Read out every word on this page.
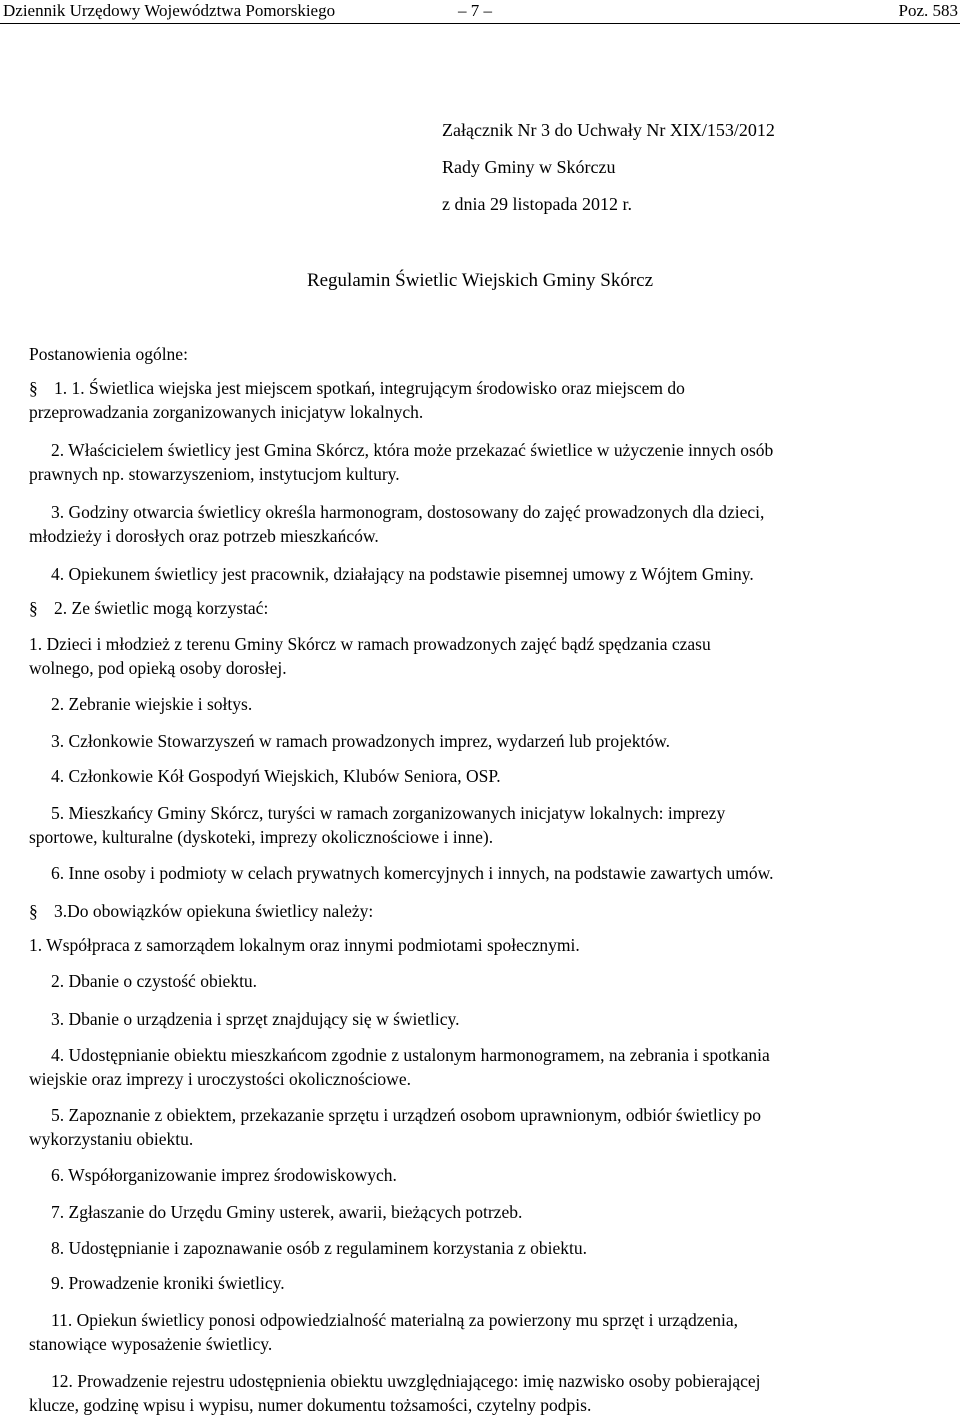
Dziennik Urzędowy Województwa Pomorskiego	– 7 –	Poz. 583
Załącznik Nr 3 do Uchwały Nr XIX/153/2012
Rady Gminy w Skórczu
z dnia 29 listopada 2012 r.
Regulamin Świetlic Wiejskich Gminy Skórcz
Postanowienia ogólne:
§ 1. 1. Świetlica wiejska jest miejscem spotkań, integrującym środowisko oraz miejscem do
przeprowadzania zorganizowanych inicjatyw lokalnych.
2. Właścicielem świetlicy jest Gmina Skórcz, która może przekazać świetlice w użyczenie innych osób
prawnych np. stowarzyszeniom, instytucjom kultury.
3. Godziny otwarcia świetlicy określa harmonogram, dostosowany do zajęć prowadzonych dla dzieci,
młodzieży i dorosłych oraz potrzeb mieszkańców.
4. Opiekunem świetlicy jest pracownik, działający na podstawie pisemnej umowy z Wójtem Gminy.
§ 2. Ze świetlic mogą korzystać:
1. Dzieci i młodzież z terenu Gminy Skórcz w ramach prowadzonych zajęć bądź spędzania czasu
wolnego, pod opieką osoby dorosłej.
2. Zebranie wiejskie i sołtys.
3. Członkowie Stowarzyszeń w ramach prowadzonych imprez, wydarzeń lub projektów.
4. Członkowie Kół Gospodyń Wiejskich, Klubów Seniora, OSP.
5. Mieszkańcy Gminy Skórcz, turyści w ramach zorganizowanych inicjatyw lokalnych: imprezy
sportowe, kulturalne (dyskoteki, imprezy okolicznościowe i inne).
6. Inne osoby i podmioty w celach prywatnych komercyjnych i innych, na podstawie zawartych umów.
§ 3.Do obowiązków opiekuna świetlicy należy:
1. Współpraca z samorządem lokalnym oraz innymi podmiotami społecznymi.
2. Dbanie o czystość obiektu.
3. Dbanie o urządzenia i sprzęt znajdujący się w świetlicy.
4. Udostępnianie obiektu mieszkańcom zgodnie z ustalonym harmonogramem, na zebrania i spotkania
wiejskie oraz imprezy i uroczystości okolicznościowe.
5. Zapoznanie z obiektem, przekazanie sprzętu i urządzeń osobom uprawnionym, odbiór świetlicy po
wykorzystaniu obiektu.
6. Współorganizowanie imprez środowiskowych.
7. Zgłaszanie do Urzędu Gminy usterek, awarii, bieżących potrzeb.
8. Udostępnianie i zapoznawanie osób z regulaminem korzystania z obiektu.
9. Prowadzenie kroniki świetlicy.
11. Opiekun świetlicy ponosi odpowiedzialność materialną za powierzony mu sprzęt i urządzenia,
stanowiące wyposażenie świetlicy.
12. Prowadzenie rejestru udostępnienia obiektu uwzględniającego: imię nazwisko osoby pobierającej
klucze, godzinę wpisu i wypisu, numer dokumentu tożsamości, czytelny podpis.
